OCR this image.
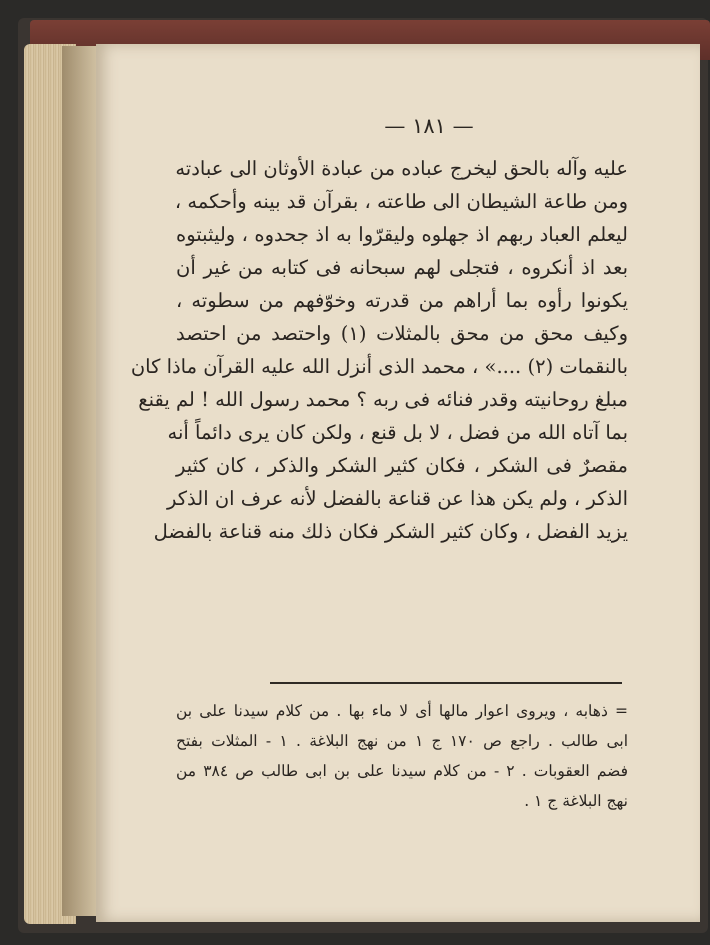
— ١٨١ —
عليه وآله بالحق ليخرج عباده من عبادة الأوثان الى عبادته
ومن طاعة الشيطان الى طاعته ، بقرآن قد بينه وأحكمه ،
ليعلم العباد ربهم اذ جهلوه وليقرّوا به اذ جحدوه ، وليثبتوه
بعد اذ أنكروه ، فتجلى لهم سبحانه فى كتابه من غير أن
يكونوا رأوه بما أراهم من قدرته وخوّفهم من سطوته ،
وكيف محق من محق بالمثلات (١) واحتصد من احتصد
بالنقمات (٢) ....» ، محمد الذى أنزل الله عليه القرآن ماذا كان
مبلغ روحانيته وقدر فنائه فى ربه ؟ محمد رسول الله ! لم يقنع
بما آتاه الله من فضل ، لا بل قنع ، ولكن كان يرى دائماً أنه
مقصرٌ فى الشكر ، فكان كثير الشكر والذكر ، كان كثير
الذكر ، ولم يكن هذا عن قناعة بالفضل لأنه عرف ان الذكر
يزيد الفضل ، وكان كثير الشكر فكان ذلك منه قناعة بالفضل
= ذهابه ، ويروى اعوار مالها أى لا ماء بها . من كلام سيدنا على بن
ابى طالب . راجع ص ١٧٠ ج ١ من نهج البلاغة . ١ - المثلات بفتح
فضم العقوبات . ٢ - من كلام سيدنا على بن ابى طالب ص ٣٨٤ من
نهج البلاغة ج ١ .
